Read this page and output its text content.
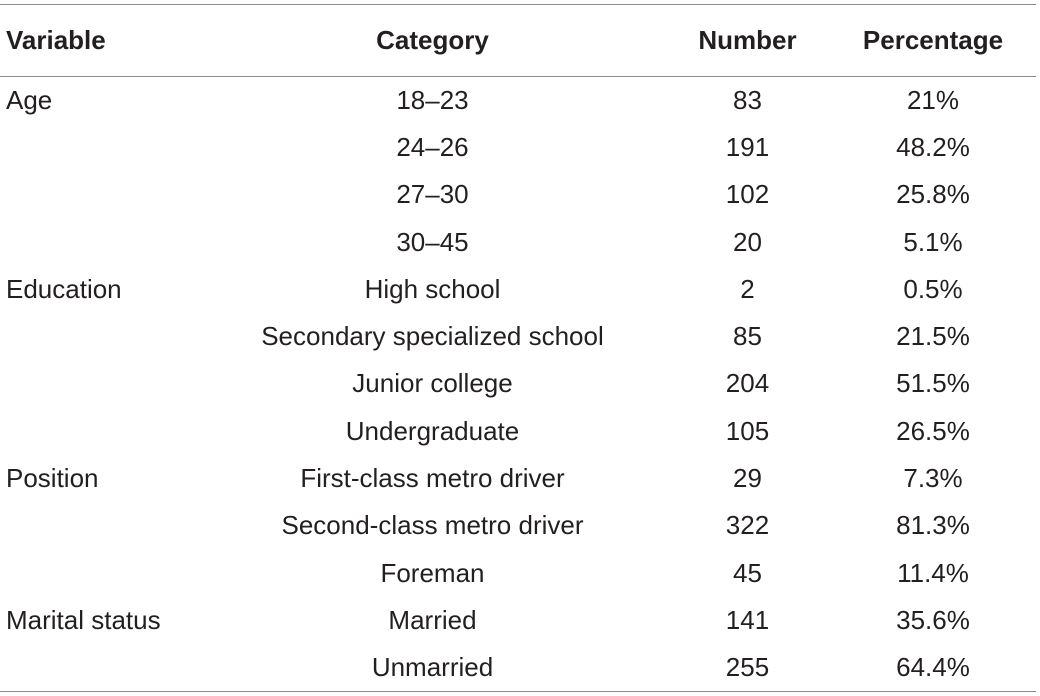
Variable	Category	Number	Percentage
Age	18–23	83	21%
	24–26	191	48.2%
	27–30	102	25.8%
	30–45	20	5.1%
Education	High school	2	0.5%
	Secondary specialized school	85	21.5%
	Junior college	204	51.5%
	Undergraduate	105	26.5%
Position	First-class metro driver	29	7.3%
	Second-class metro driver	322	81.3%
	Foreman	45	11.4%
Marital status	Married	141	35.6%
	Unmarried	255	64.4%
